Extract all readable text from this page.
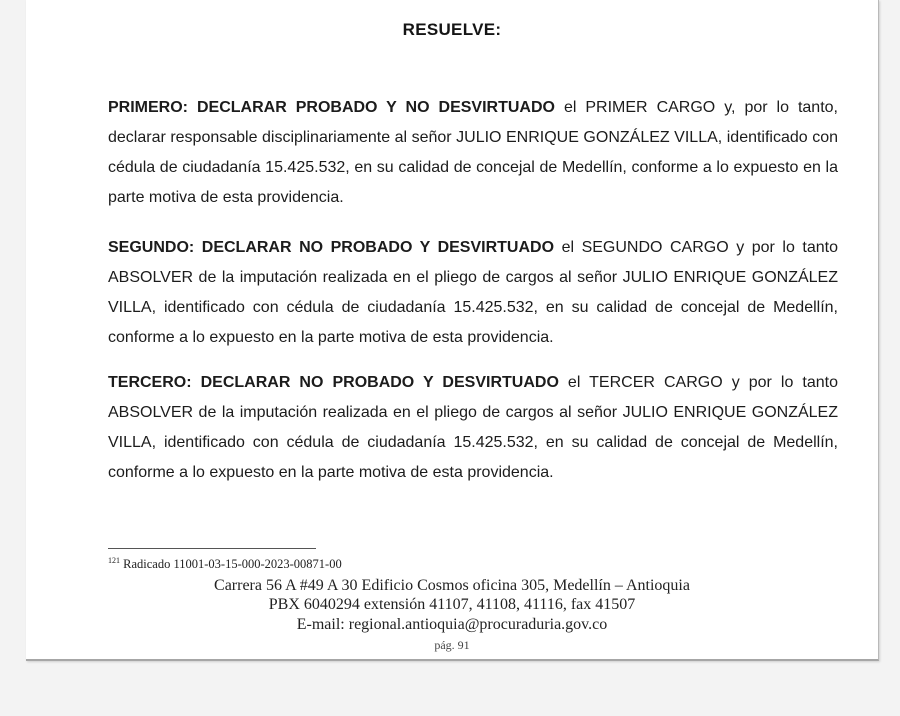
RESUELVE:

PRIMERO: DECLARAR PROBADO Y NO DESVIRTUADO el PRIMER CARGO y, por lo tanto, declarar responsable disciplinariamente al señor JULIO ENRIQUE GONZÁLEZ VILLA, identificado con cédula de ciudadanía 15.425.532, en su calidad de concejal de Medellín, conforme a lo expuesto en la parte motiva de esta providencia.

SEGUNDO: DECLARAR NO PROBADO Y DESVIRTUADO el SEGUNDO CARGO y por lo tanto ABSOLVER de la imputación realizada en el pliego de cargos al señor JULIO ENRIQUE GONZÁLEZ VILLA, identificado con cédula de ciudadanía 15.425.532, en su calidad de concejal de Medellín, conforme a lo expuesto en la parte motiva de esta providencia.

TERCERO: DECLARAR NO PROBADO Y DESVIRTUADO el TERCER CARGO y por lo tanto ABSOLVER de la imputación realizada en el pliego de cargos al señor JULIO ENRIQUE GONZÁLEZ VILLA, identificado con cédula de ciudadanía 15.425.532, en su calidad de concejal de Medellín, conforme a lo expuesto en la parte motiva de esta providencia.

$^{121}$ Radicado 11001-03-15-000-2023-00871-00
Carrera 56 A #49 A 30 Edificio Cosmos oficina 305, Medellín – Antioquia
PBX 6040294 extensión 41107, 41108, 41116, fax 41507
E-mail: regional.antioquia@procuraduria.gov.co
pág. 91
